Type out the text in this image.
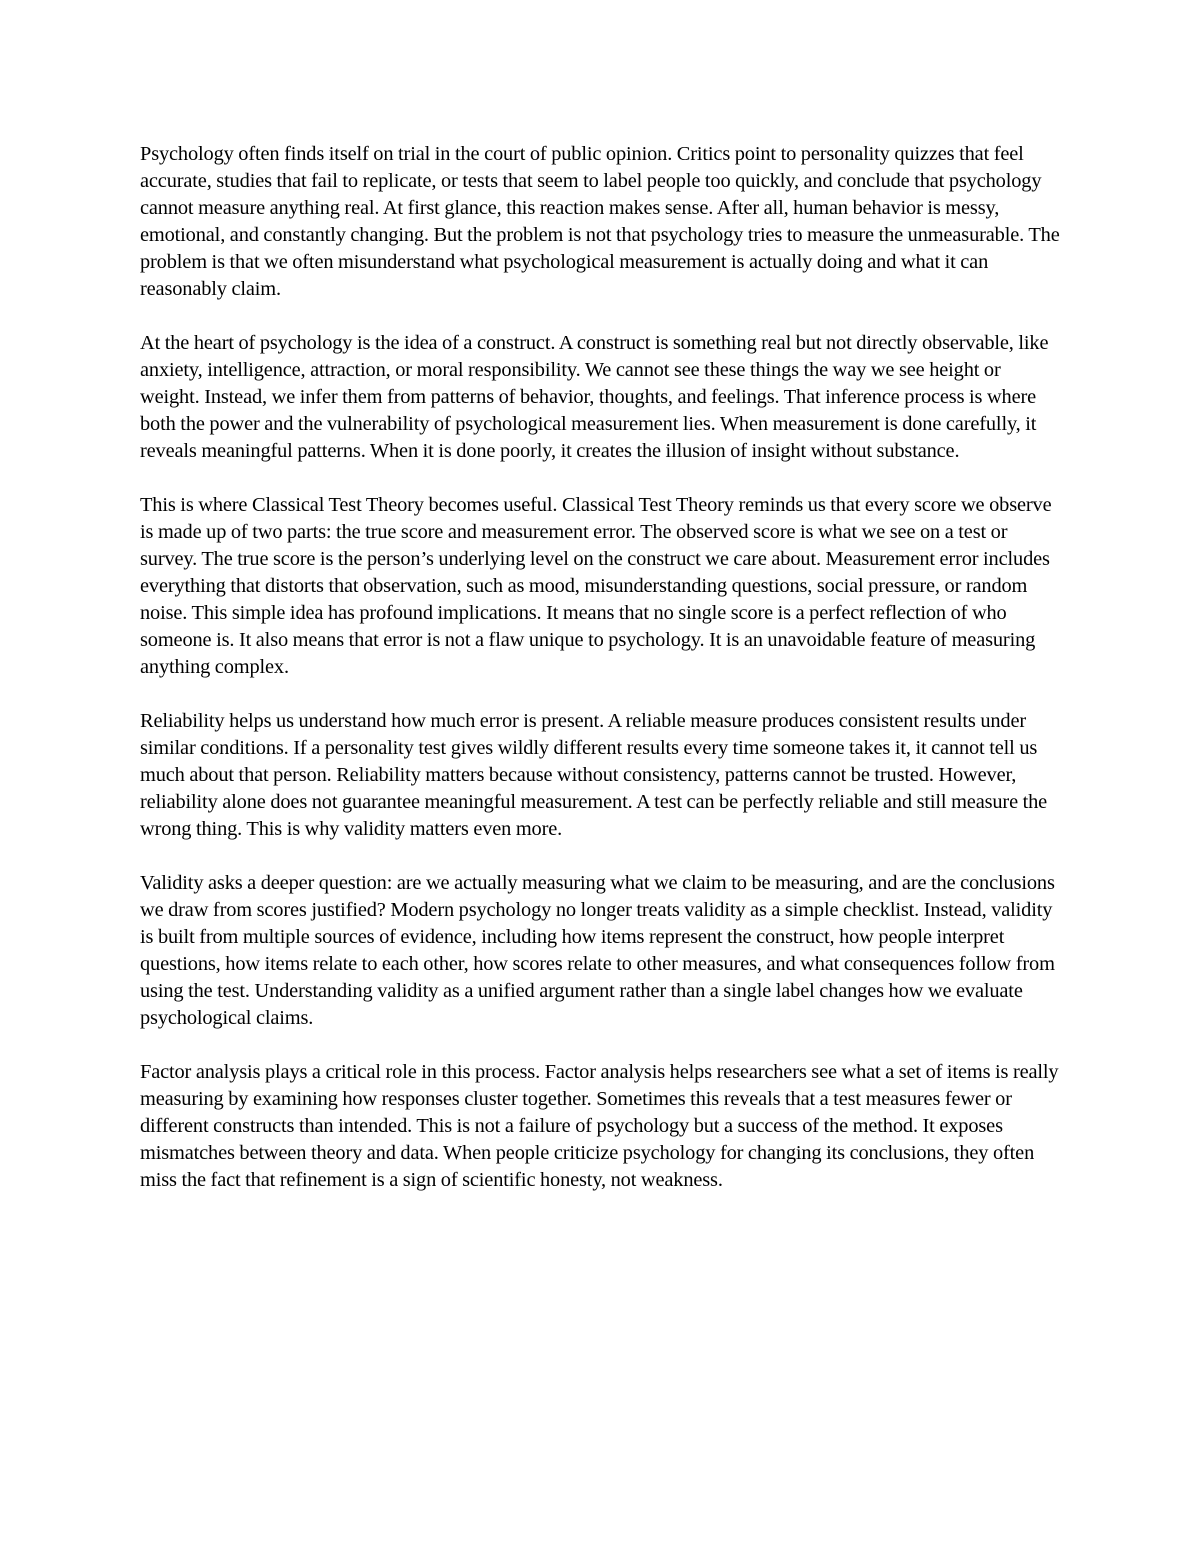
Psychology often finds itself on trial in the court of public opinion. Critics point to personality quizzes that feel accurate, studies that fail to replicate, or tests that seem to label people too quickly, and conclude that psychology cannot measure anything real. At first glance, this reaction makes sense. After all, human behavior is messy, emotional, and constantly changing. But the problem is not that psychology tries to measure the unmeasurable. The problem is that we often misunderstand what psychological measurement is actually doing and what it can reasonably claim.

At the heart of psychology is the idea of a construct. A construct is something real but not directly observable, like anxiety, intelligence, attraction, or moral responsibility. We cannot see these things the way we see height or weight. Instead, we infer them from patterns of behavior, thoughts, and feelings. That inference process is where both the power and the vulnerability of psychological measurement lies. When measurement is done carefully, it reveals meaningful patterns. When it is done poorly, it creates the illusion of insight without substance.

This is where Classical Test Theory becomes useful. Classical Test Theory reminds us that every score we observe is made up of two parts: the true score and measurement error. The observed score is what we see on a test or survey. The true score is the person’s underlying level on the construct we care about. Measurement error includes everything that distorts that observation, such as mood, misunderstanding questions, social pressure, or random noise. This simple idea has profound implications. It means that no single score is a perfect reflection of who someone is. It also means that error is not a flaw unique to psychology. It is an unavoidable feature of measuring anything complex.

Reliability helps us understand how much error is present. A reliable measure produces consistent results under similar conditions. If a personality test gives wildly different results every time someone takes it, it cannot tell us much about that person. Reliability matters because without consistency, patterns cannot be trusted. However, reliability alone does not guarantee meaningful measurement. A test can be perfectly reliable and still measure the wrong thing. This is why validity matters even more.

Validity asks a deeper question: are we actually measuring what we claim to be measuring, and are the conclusions we draw from scores justified? Modern psychology no longer treats validity as a simple checklist. Instead, validity is built from multiple sources of evidence, including how items represent the construct, how people interpret questions, how items relate to each other, how scores relate to other measures, and what consequences follow from using the test. Understanding validity as a unified argument rather than a single label changes how we evaluate psychological claims.

Factor analysis plays a critical role in this process. Factor analysis helps researchers see what a set of items is really measuring by examining how responses cluster together. Sometimes this reveals that a test measures fewer or different constructs than intended. This is not a failure of psychology but a success of the method. It exposes mismatches between theory and data. When people criticize psychology for changing its conclusions, they often miss the fact that refinement is a sign of scientific honesty, not weakness.
